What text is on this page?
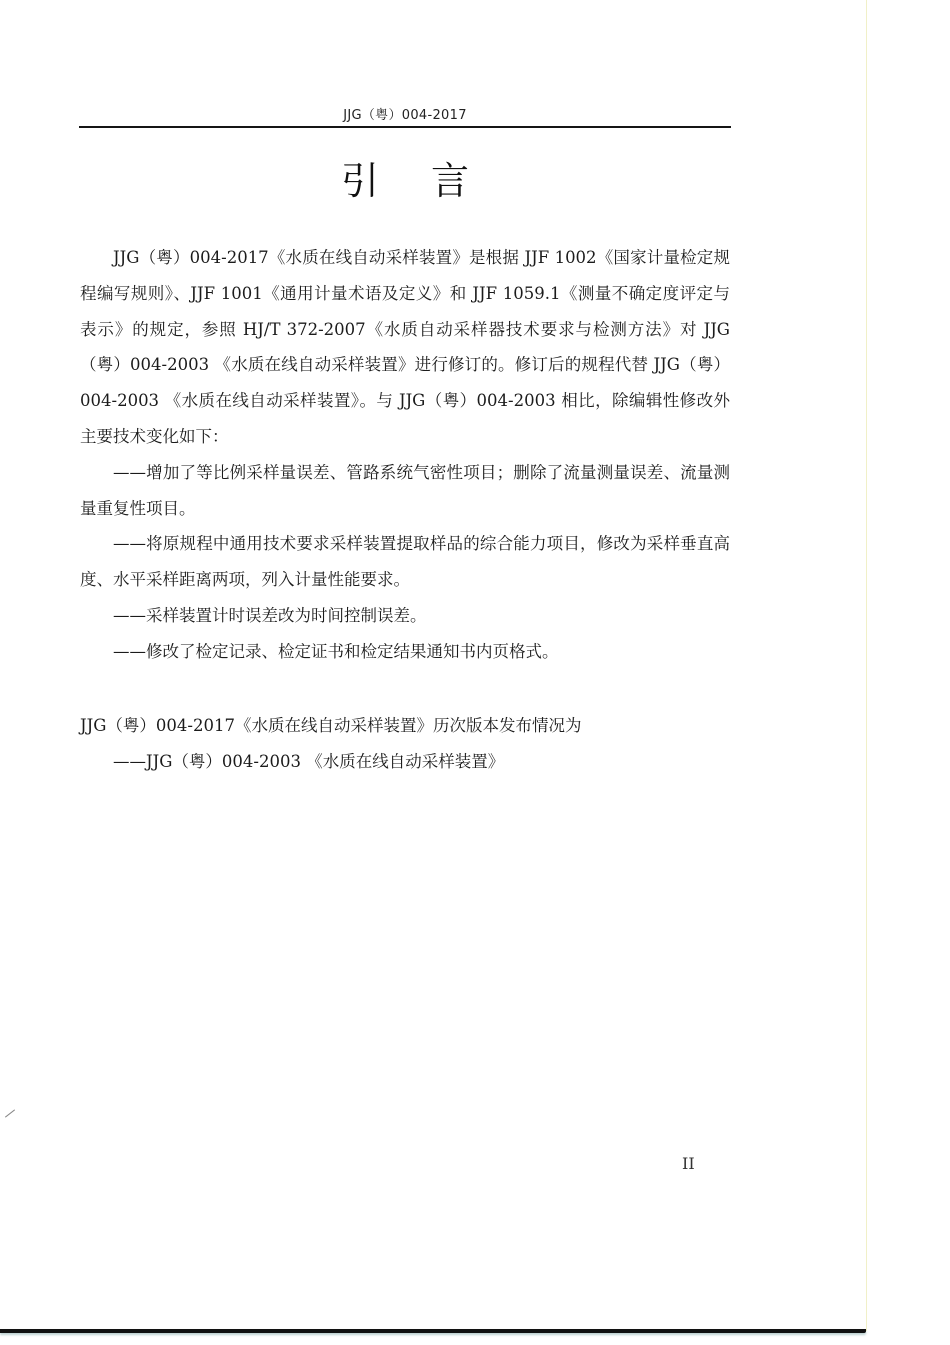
JJG（粤）004-2017
引言

JJG（粤）004-2017《水质在线自动采样装置》是根据 JJF 1002《国家计量检定规程编写规则》、JJF 1001《通用计量术语及定义》和 JJF 1059.1《测量不确定度评定与表示》的规定，参照 HJ/T 372-2007《水质自动采样器技术要求与检测方法》对 JJG（粤）004-2003 《水质在线自动采样装置》进行修订的。修订后的规程代替 JJG（粤）004-2003 《水质在线自动采样装置》。与 JJG（粤）004-2003 相比，除编辑性修改外主要技术变化如下：

——增加了等比例采样量误差、管路系统气密性项目；删除了流量测量误差、流量测量重复性项目。

——将原规程中通用技术要求采样装置提取样品的综合能力项目，修改为采样垂直高度、水平采样距离两项，列入计量性能要求。

——采样装置计时误差改为时间控制误差。

——修改了检定记录、检定证书和检定结果通知书内页格式。

JJG（粤）004-2017《水质在线自动采样装置》历次版本发布情况为

——JJG（粤）004-2003 《水质在线自动采样装置》

II
